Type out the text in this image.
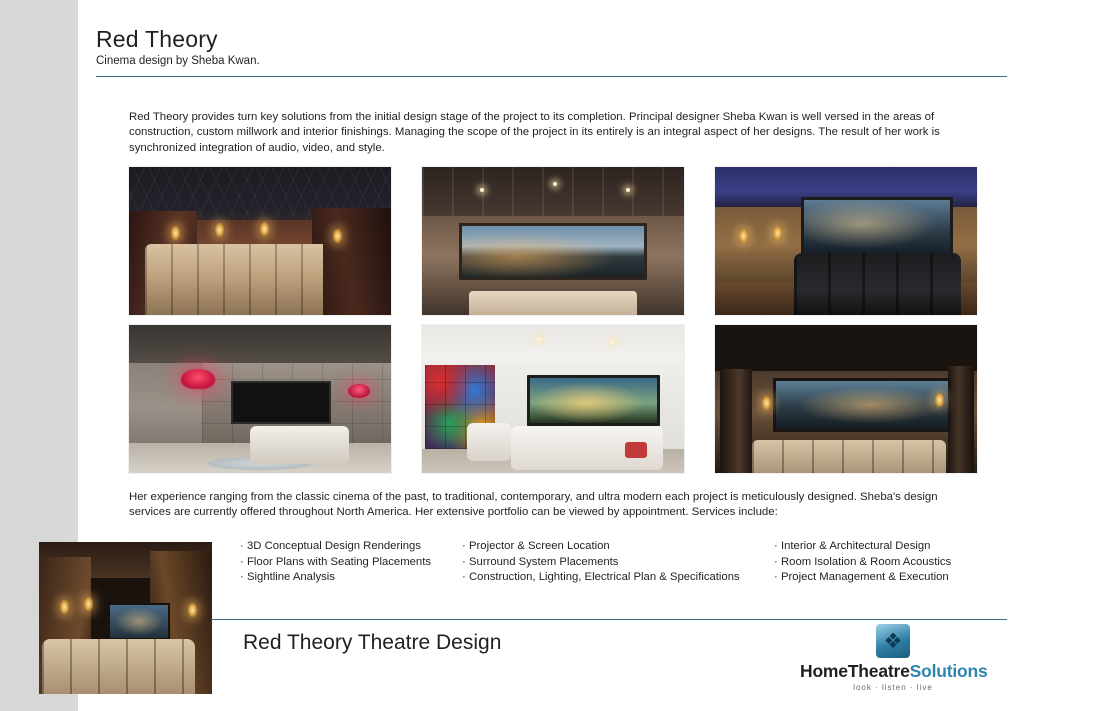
Red Theory
Cinema design by Sheba Kwan.
Red Theory provides turn key solutions from the initial design stage of the project to its completion. Principal designer Sheba Kwan is well versed in the areas of construction, custom millwork and interior finishings. Managing the scope of the project in its entirely is an integral aspect of her designs. The result of her work is synchronized integration of audio, video, and style.
Her experience ranging from the classic cinema of the past, to traditional, contemporary, and ultra modern each project is meticulously designed. Sheba's design services are currently offered throughout North America. Her extensive portfolio can be viewed by appointment. Services include:
· 3D Conceptual Design Renderings
· Floor Plans with Seating Placements
· Sightline Analysis
· Projector & Screen Location
· Surround System Placements
· Construction, Lighting, Electrical Plan & Specifications
· Interior & Architectural Design
· Room Isolation & Room Acoustics
· Project Management & Execution
Red Theory Theatre Design	❖
HomeTheatreSolutions
look · listen · live
